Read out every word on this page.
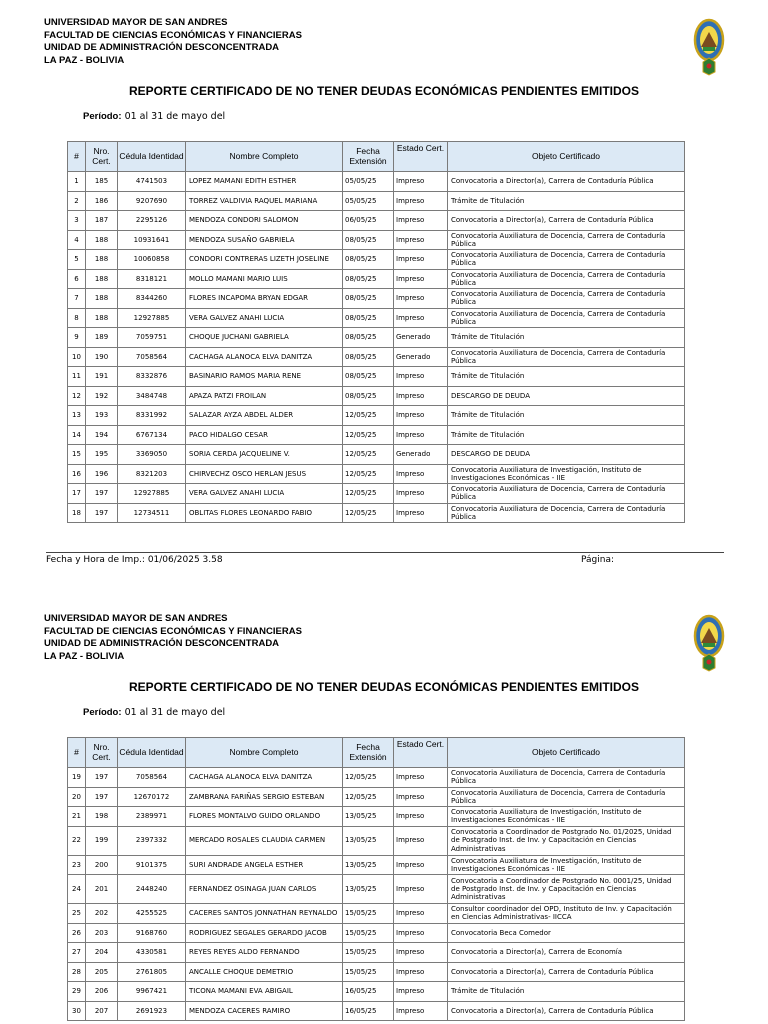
UNIVERSIDAD MAYOR DE SAN ANDRES
FACULTAD DE CIENCIAS ECONÓMICAS Y FINANCIERAS
UNIDAD DE ADMINISTRACIÓN DESCONCENTRADA
LA PAZ - BOLIVIA
REPORTE CERTIFICADO DE NO TENER DEUDAS ECONÓMICAS PENDIENTES EMITIDOS
Período: 01 al 31 de mayo del
#	Nro. Cert.	Cédula Identidad	Nombre Completo	Fecha Extensión	Estado Cert.	Objeto Certificado
1	185	4741503	LOPEZ MAMANI EDITH ESTHER	05/05/25	Impreso	Convocatoria a Director(a), Carrera de Contaduría Pública
2	186	9207690	TORREZ VALDIVIA RAQUEL MARIANA	05/05/25	Impreso	Trámite de Titulación
3	187	2295126	MENDOZA CONDORI SALOMON	06/05/25	Impreso	Convocatoria a Director(a), Carrera de Contaduría Pública
4	188	10931641	MENDOZA SUSAÑO GABRIELA	08/05/25	Impreso	Convocatoria Auxiliatura de Docencia, Carrera de Contaduría Pública
5	188	10060858	CONDORI CONTRERAS LIZETH JOSELINE	08/05/25	Impreso	Convocatoria Auxiliatura de Docencia, Carrera de Contaduría Pública
6	188	8318121	MOLLO MAMANI MARIO LUIS	08/05/25	Impreso	Convocatoria Auxiliatura de Docencia, Carrera de Contaduría Pública
7	188	8344260	FLORES INCAPOMA BRYAN EDGAR	08/05/25	Impreso	Convocatoria Auxiliatura de Docencia, Carrera de Contaduría Pública
8	188	12927885	VERA GALVEZ ANAHI LUCIA	08/05/25	Impreso	Convocatoria Auxiliatura de Docencia, Carrera de Contaduría Pública
9	189	7059751	CHOQUE JUCHANI GABRIELA	08/05/25	Generado	Trámite de Titulación
10	190	7058564	CACHAGA ALANOCA ELVA DANITZA	08/05/25	Generado	Convocatoria Auxiliatura de Docencia, Carrera de Contaduría Pública
11	191	8332876	BASINARIO RAMOS MARIA RENE	08/05/25	Impreso	Trámite de Titulación
12	192	3484748	APAZA PATZI FROILAN	08/05/25	Impreso	DESCARGO DE DEUDA
13	193	8331992	SALAZAR AYZA ABDEL ALDER	12/05/25	Impreso	Trámite de Titulación
14	194	6767134	PACO HIDALGO CESAR	12/05/25	Impreso	Trámite de Titulación
15	195	3369050	SORIA CERDA JACQUELINE V.	12/05/25	Generado	DESCARGO DE DEUDA
16	196	8321203	CHIRVECHZ OSCO HERLAN JESUS	12/05/25	Impreso	Convocatoria Auxiliatura de Investigación, Instituto de Investigaciones Económicas - IIE
17	197	12927885	VERA GALVEZ ANAHI LUCIA	12/05/25	Impreso	Convocatoria Auxiliatura de Docencia, Carrera de Contaduría Pública
18	197	12734511	OBLITAS FLORES LEONARDO FABIO	12/05/25	Impreso	Convocatoria Auxiliatura de Docencia, Carrera de Contaduría Pública
Fecha y Hora de Imp.: 01/06/2025 3.58	Página:
UNIVERSIDAD MAYOR DE SAN ANDRES
FACULTAD DE CIENCIAS ECONÓMICAS Y FINANCIERAS
UNIDAD DE ADMINISTRACIÓN DESCONCENTRADA
LA PAZ - BOLIVIA
REPORTE CERTIFICADO DE NO TENER DEUDAS ECONÓMICAS PENDIENTES EMITIDOS
Período: 01 al 31 de mayo del
#	Nro. Cert.	Cédula Identidad	Nombre Completo	Fecha Extensión	Estado Cert.	Objeto Certificado
19	197	7058564	CACHAGA ALANOCA ELVA DANITZA	12/05/25	Impreso	Convocatoria Auxiliatura de Docencia, Carrera de Contaduría Pública
20	197	12670172	ZAMBRANA FARIÑAS SERGIO ESTEBAN	12/05/25	Impreso	Convocatoria Auxiliatura de Docencia, Carrera de Contaduría Pública
21	198	2389971	FLORES MONTALVO GUIDO ORLANDO	13/05/25	Impreso	Convocatoria Auxiliatura de Investigación, Instituto de Investigaciones Económicas - IIE
22	199	2397332	MERCADO ROSALES CLAUDIA CARMEN	13/05/25	Impreso	Convocatoria a Coordinador de Postgrado No. 01/2025, Unidad de Postgrado Inst. de Inv. y Capacitación en Ciencias Administrativas
23	200	9101375	SURI ANDRADE ANGELA ESTHER	13/05/25	Impreso	Convocatoria Auxiliatura de Investigación, Instituto de Investigaciones Económicas - IIE
24	201	2448240	FERNANDEZ OSINAGA JUAN CARLOS	13/05/25	Impreso	Convocatoria a Coordinador de Postgrado No. 0001/25, Unidad de Postgrado Inst. de Inv. y Capacitación en Ciencias Administrativas
25	202	4255525	CACERES SANTOS JONNATHAN REYNALDO	15/05/25	Impreso	Consultor coordinador del OPD, Instituto de Inv. y Capacitación en Ciencias Administrativas- IICCA
26	203	9168760	RODRIGUEZ SEGALES GERARDO JACOB	15/05/25	Impreso	Convocatoria Beca Comedor
27	204	4330581	REYES REYES ALDO FERNANDO	15/05/25	Impreso	Convocatoria a Director(a), Carrera de Economía
28	205	2761805	ANCALLE CHOQUE DEMETRIO	15/05/25	Impreso	Convocatoria a Director(a), Carrera de Contaduría Pública
29	206	9967421	TICONA MAMANI EVA ABIGAIL	16/05/25	Impreso	Trámite de Titulación
30	207	2691923	MENDOZA CACERES RAMIRO	16/05/25	Impreso	Convocatoria a Director(a), Carrera de Contaduría Pública
